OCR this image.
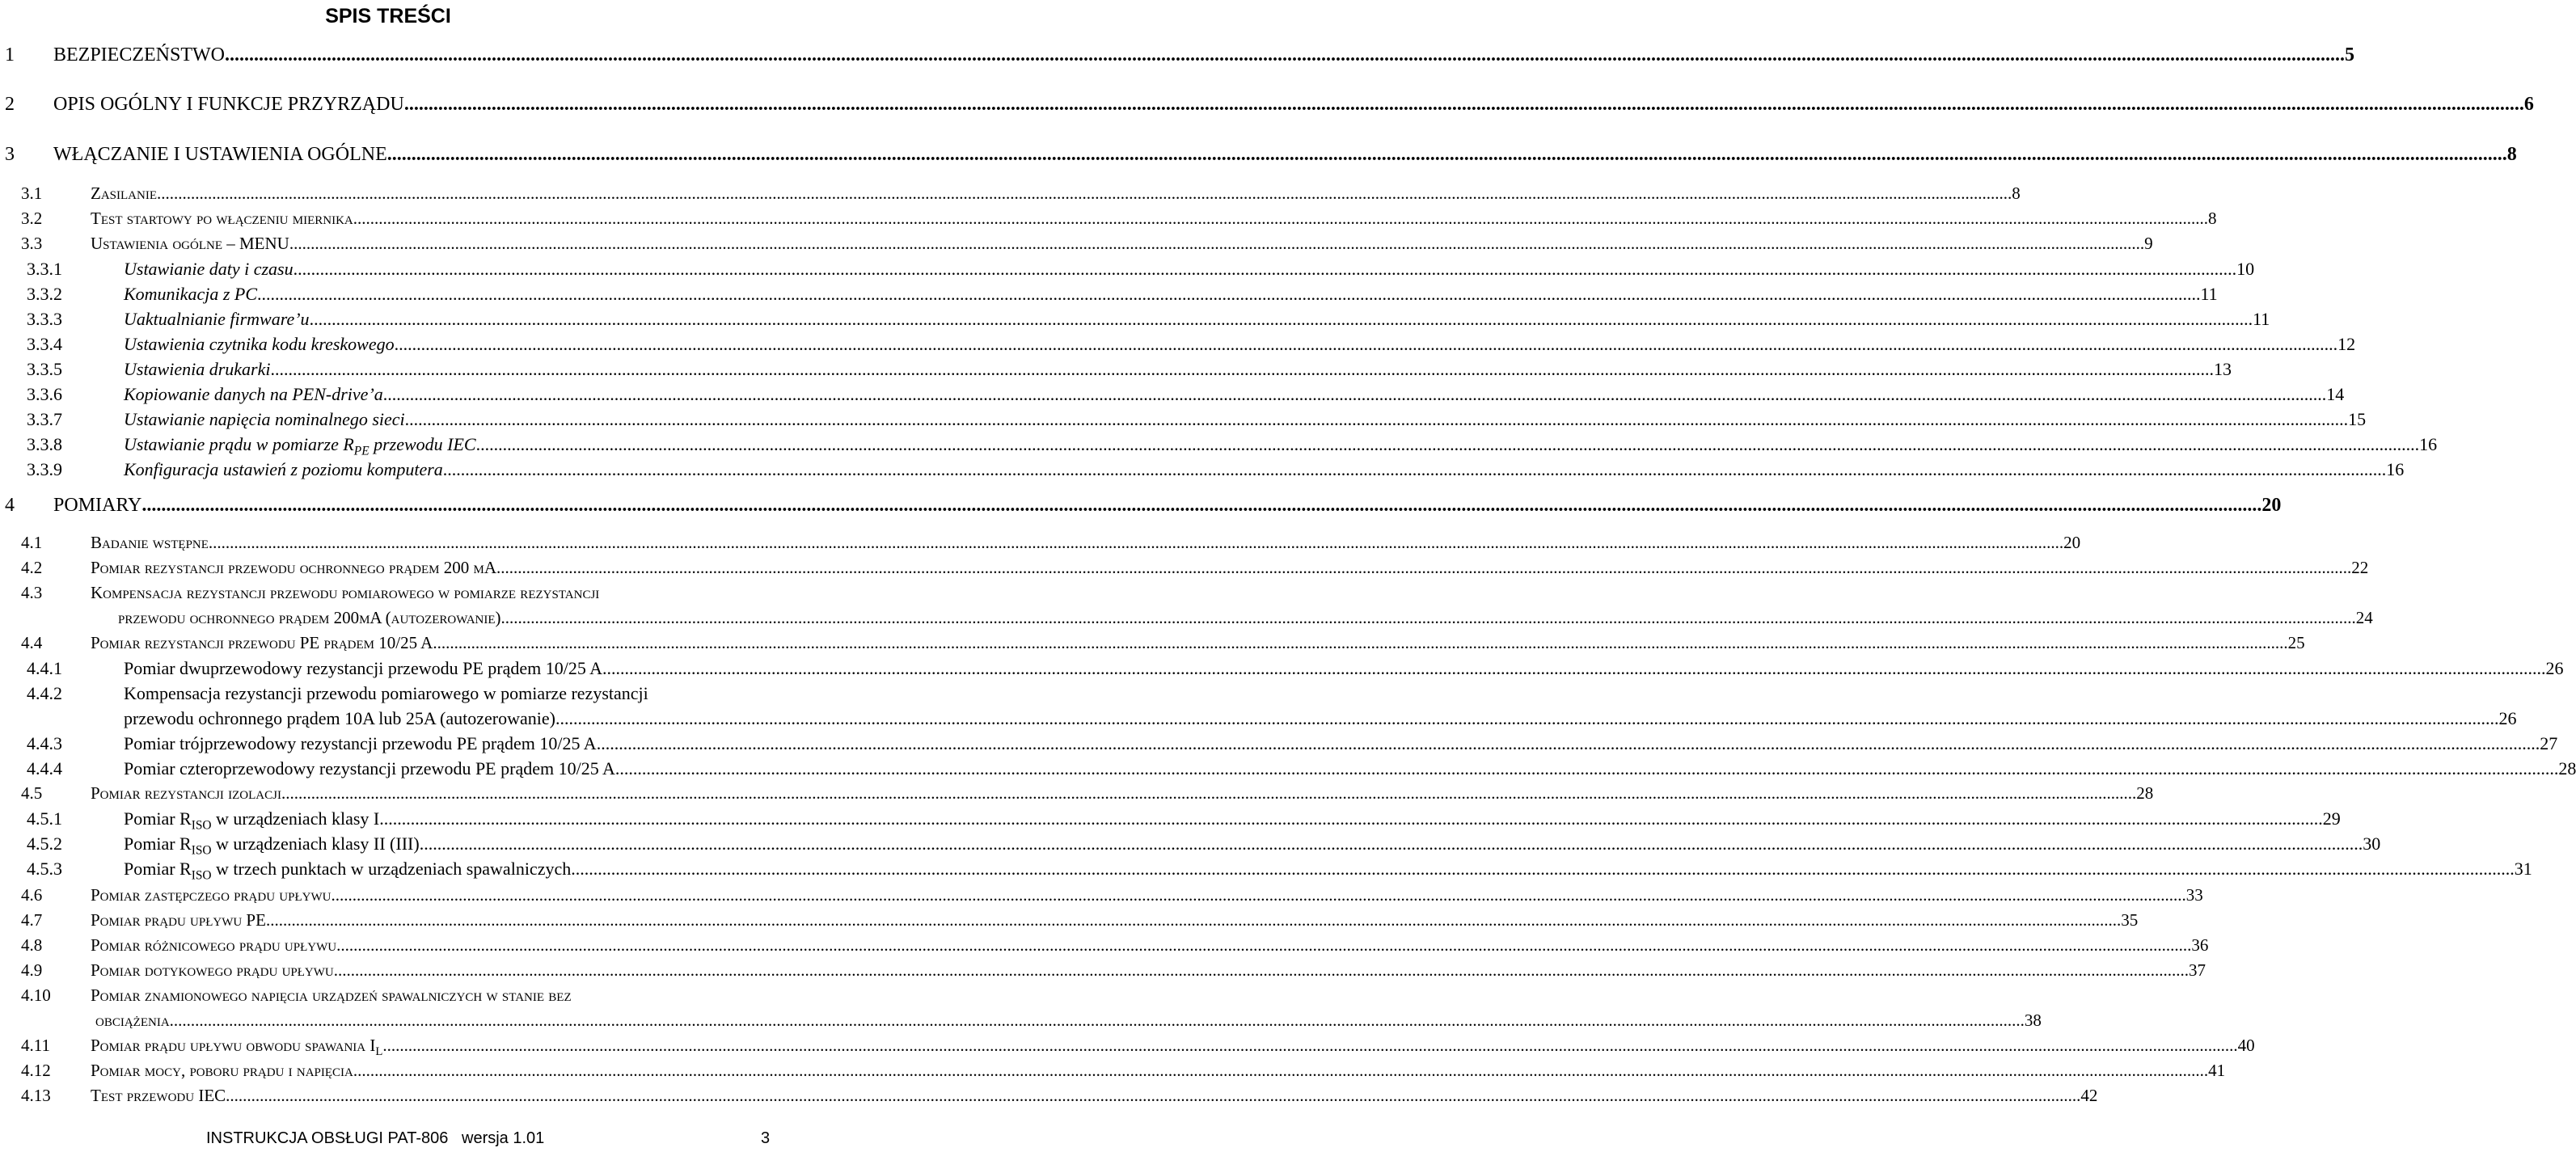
SPIS TREŚCI
1	BEZPIECZEŃSTWO .....	5
2	OPIS OGÓLNY I FUNKCJE PRZYRZĄDU .....	6
3	WŁĄCZANIE I USTAWIENIA OGÓLNE .....	8
3.1	Zasilanie .....	8
3.2	Test startowy po włączeniu miernika .....	8
3.3	Ustawienia ogólne – MENU .....	9
3.3.1	Ustawianie daty i czasu .....	10
3.3.2	Komunikacja z PC .....	11
3.3.3	Uaktualnianie firmware’u .....	11
3.3.4	Ustawienia czytnika kodu kreskowego .....	12
3.3.5	Ustawienia drukarki .....	13
3.3.6	Kopiowanie danych na PEN-drive’a .....	14
3.3.7	Ustawianie napięcia nominalnego sieci .....	15
3.3.8	Ustawianie prądu w pomiarze $R_{PE}$ przewodu IEC .....	16
3.3.9	Konfiguracja ustawień z poziomu komputera .....	16
4	POMIARY .....	20
4.1	Badanie wstępne .....	20
4.2	Pomiar rezystancji przewodu ochronnego prądem 200 mA .....	22
4.3	Kompensacja rezystancji przewodu pomiarowego w pomiarze rezystancji
przewodu ochronnego prądem 200mA (autozerowanie) .....	24
4.4	Pomiar rezystancji przewodu PE prądem 10/25 A .....	25
4.4.1	Pomiar dwuprzewodowy rezystancji przewodu PE prądem 10/25 A .....	26
4.4.2	Kompensacja rezystancji przewodu pomiarowego w pomiarze rezystancji
przewodu ochronnego prądem 10A lub 25A (autozerowanie) .....	26
4.4.3	Pomiar trójprzewodowy rezystancji przewodu PE prądem 10/25 A .....	27
4.4.4	Pomiar czteroprzewodowy rezystancji przewodu PE prądem 10/25 A .....	28
4.5	Pomiar rezystancji izolacji .....	28
4.5.1	Pomiar $R_{ISO}$ w urządzeniach klasy I .....	29
4.5.2	Pomiar $R_{ISO}$ w urządzeniach klasy II (III) .....	30
4.5.3	Pomiar $R_{ISO}$ w trzech punktach w urządzeniach spawalniczych .....	31
4.6	Pomiar zastępczego prądu upływu .....	33
4.7	Pomiar prądu upływu PE .....	35
4.8	Pomiar różnicowego prądu upływu .....	36
4.9	Pomiar dotykowego prądu upływu .....	37
4.10	Pomiar znamionowego napięcia urządzeń spawalniczych w stanie bez
obciążenia .....	38
4.11	Pomiar prądu upływu obwodu spawania $I_L$ .....	40
4.12	Pomiar mocy, poboru prądu i napięcia .....	41
4.13	Test przewodu IEC .....	42
INSTRUKCJA OBSŁUGI PAT-806   wersja 1.01	3
